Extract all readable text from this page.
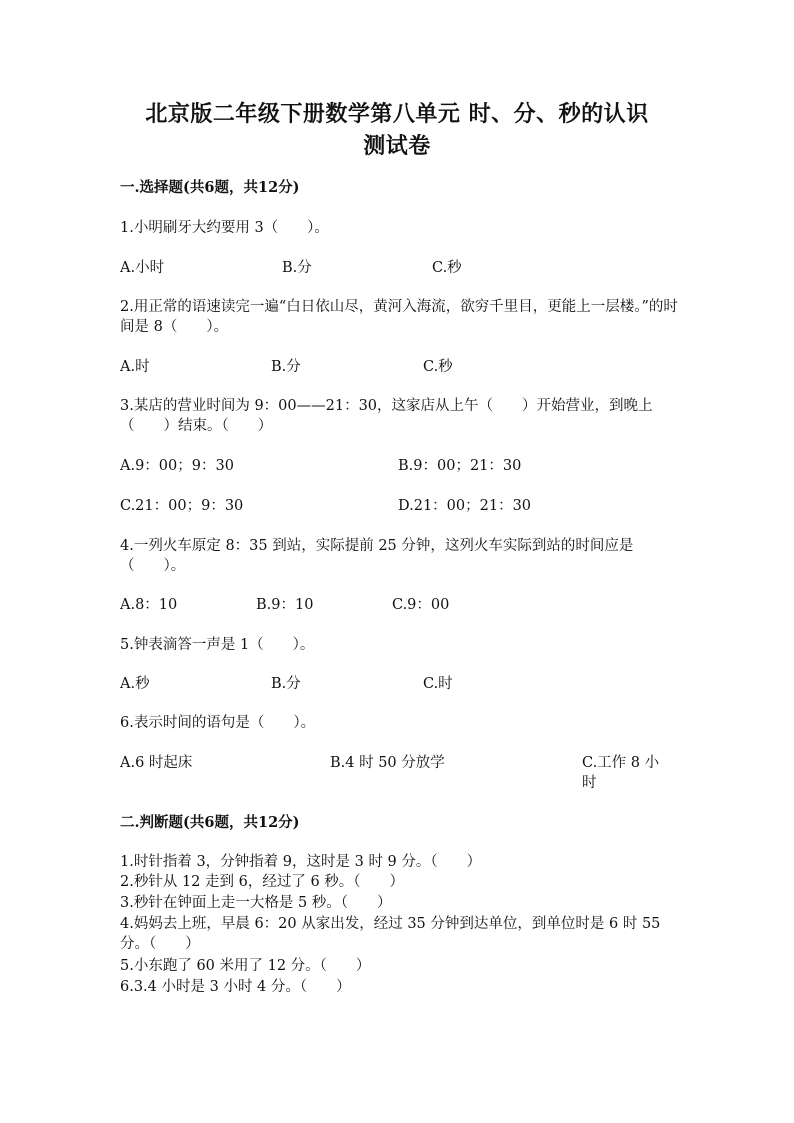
北京版二年级下册数学第八单元 时、分、秒的认识
测试卷
一.选择题(共6题，共12分)
1.小明刷牙大约要用 3（　　）。
A.小时	B.分	C.秒
2.用正常的语速读完一遍“白日依山尽，黄河入海流，欲穷千里目，更能上一层楼。”的时间是 8（　　）。
A.时	B.分	C.秒
3.某店的营业时间为 9：00——21：30，这家店从上午（　　）开始营业，到晚上（　　）结束。（　　）
A.9：00；9：30	B.9：00；21：30
C.21：00；9：30	D.21：00；21：30
4.一列火车原定 8：35 到站，实际提前 25 分钟，这列火车实际到站的时间应是（　　）。
A.8：10	B.9：10	C.9：00
5.钟表滴答一声是 1（　　）。
A.秒	B.分	C.时
6.表示时间的语句是（　　）。
A.6 时起床	B.4 时 50 分放学	C.工作 8 小时
二.判断题(共6题，共12分)
1.时针指着 3，分钟指着 9，这时是 3 时 9 分。（　　）
2.秒针从 12 走到 6，经过了 6 秒。（　　）
3.秒针在钟面上走一大格是 5 秒。（　　）
4.妈妈去上班，早晨 6：20 从家出发，经过 35 分钟到达单位，到单位时是 6 时 55 分。（　　）
5.小东跑了 60 米用了 12 分。（　　）
6.3.4 小时是 3 小时 4 分。（　　）
